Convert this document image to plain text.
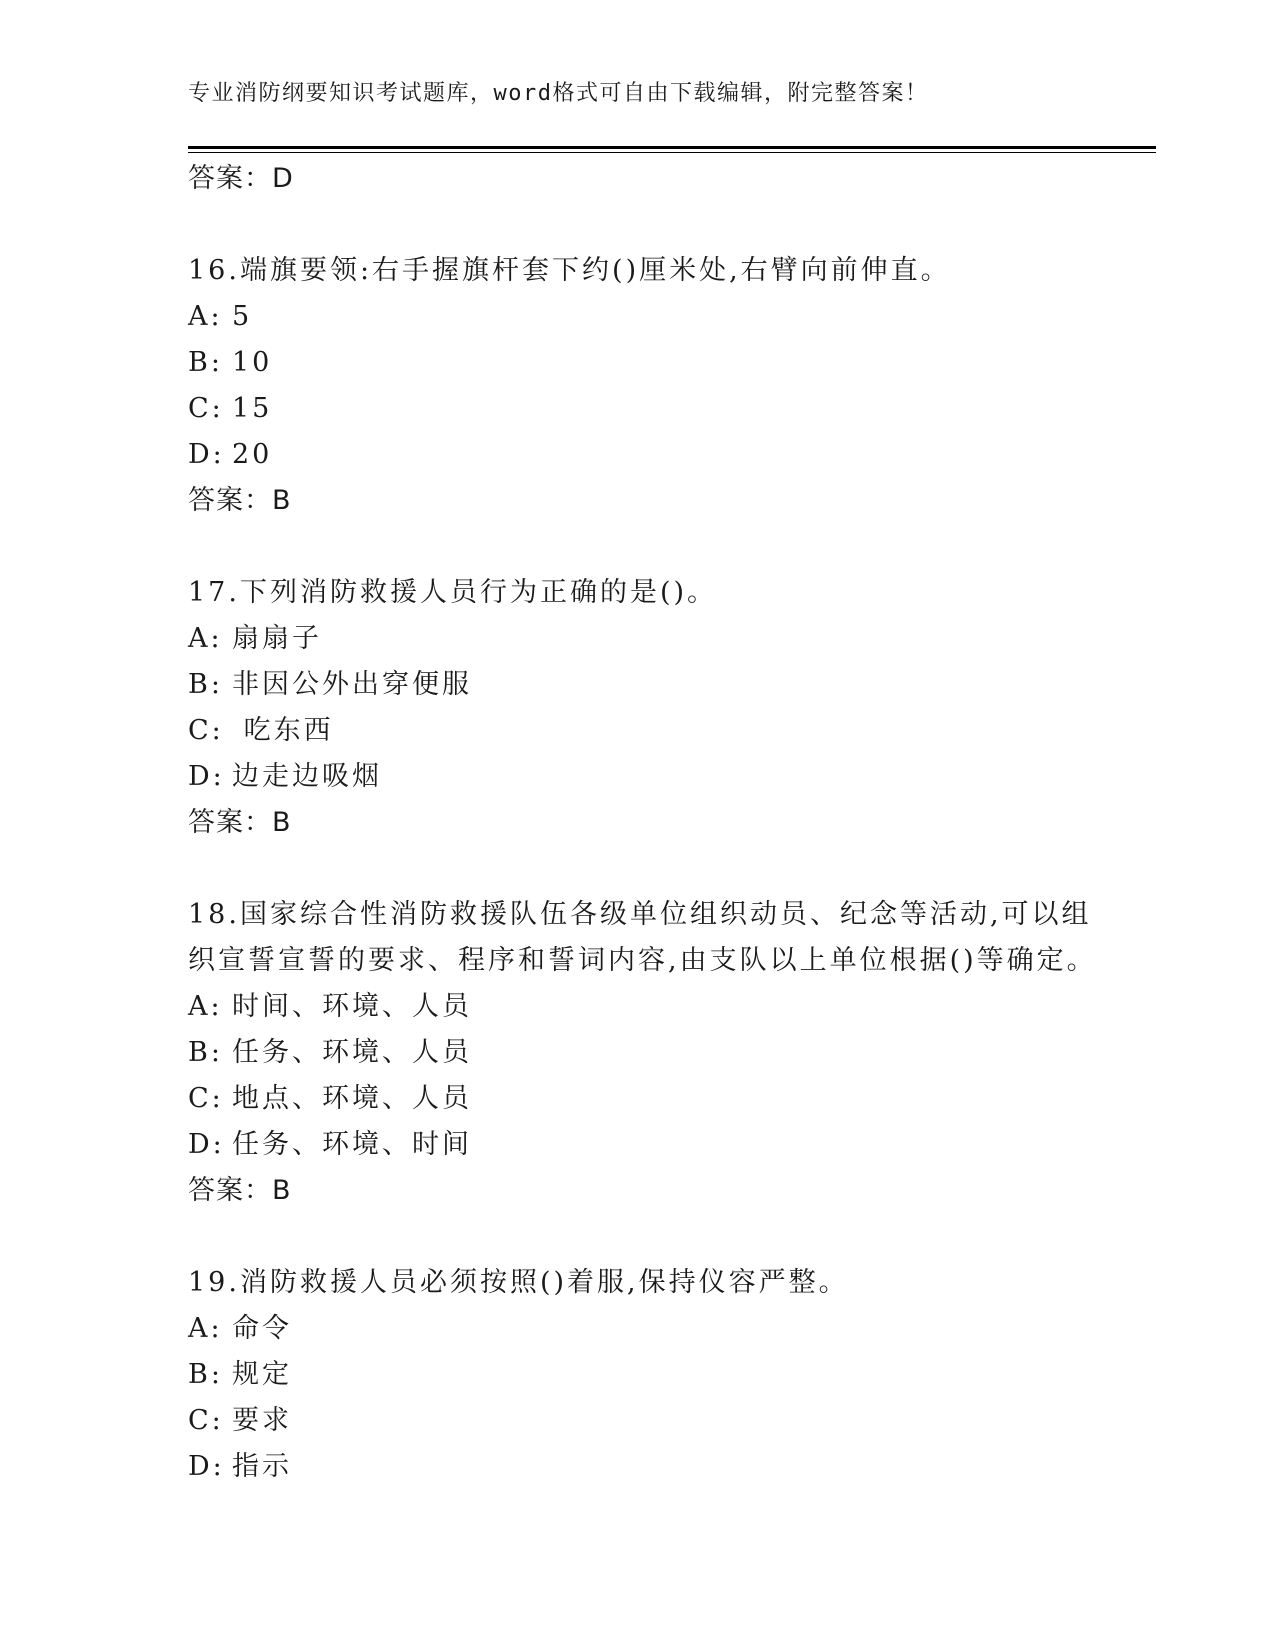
专业消防纲要知识考试题库，word格式可自由下载编辑，附完整答案！
答案：D
16.端旗要领:右手握旗杆套下约()厘米处,右臂向前伸直。
A: 5
B: 10
C: 15
D: 20
答案：B
17.下列消防救援人员行为正确的是()。
A: 扇扇子
B: 非因公外出穿便服
C: 吃东西
D: 边走边吸烟
答案：B
18.国家综合性消防救援队伍各级单位组织动员、纪念等活动,可以组
织宣誓宣誓的要求、程序和誓词内容,由支队以上单位根据()等确定。
A: 时间、环境、人员
B: 任务、环境、人员
C: 地点、环境、人员
D: 任务、环境、时间
答案：B
19.消防救援人员必须按照()着服,保持仪容严整。
A: 命令
B: 规定
C: 要求
D: 指示
